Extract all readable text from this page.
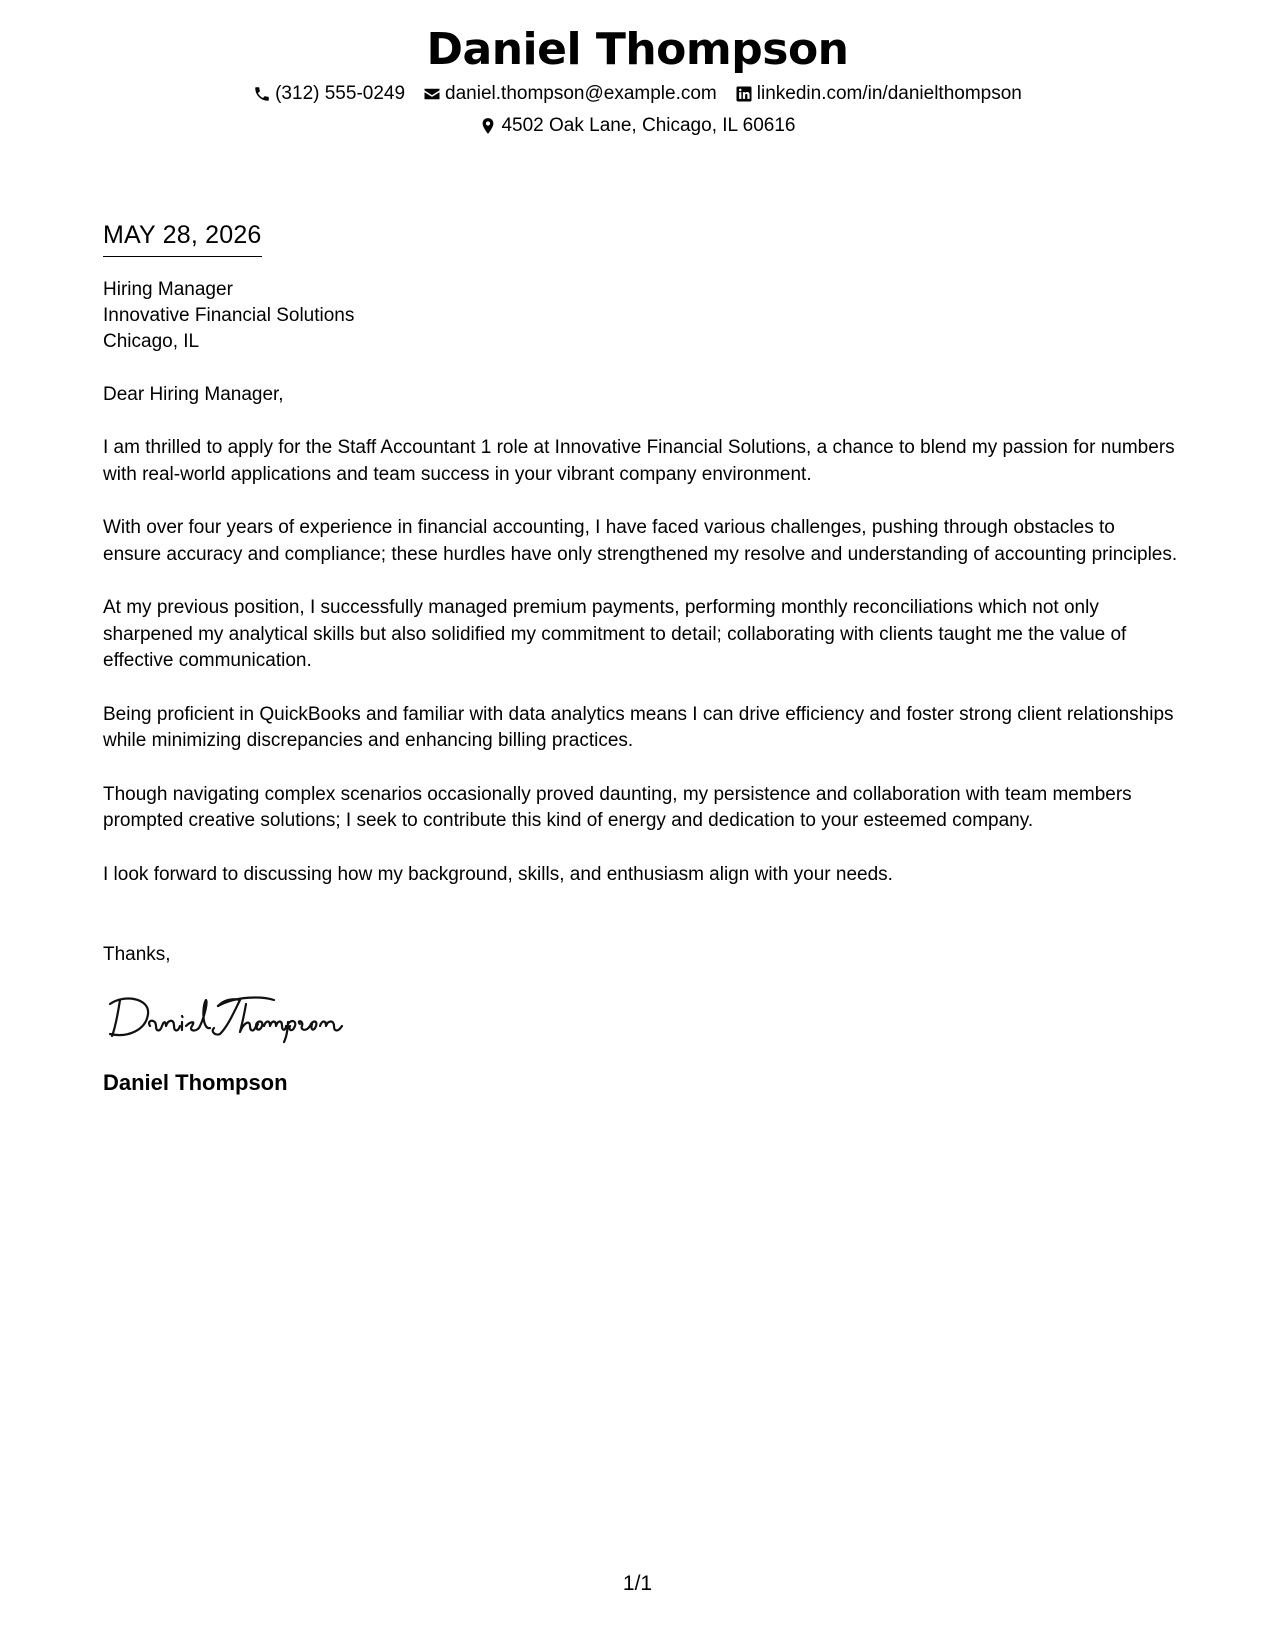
Daniel Thompson
(312) 555-0249 daniel.thompson@example.com linkedin.com/in/danielthompson
4502 Oak Lane, Chicago, IL 60616
MAY 28, 2026
Hiring Manager
Innovative Financial Solutions
Chicago, IL
Dear Hiring Manager,

I am thrilled to apply for the Staff Accountant 1 role at Innovative Financial Solutions, a chance to blend my passion for numbers with real-world applications and team success in your vibrant company environment.

With over four years of experience in financial accounting, I have faced various challenges, pushing through obstacles to ensure accuracy and compliance; these hurdles have only strengthened my resolve and understanding of accounting principles.

At my previous position, I successfully managed premium payments, performing monthly reconciliations which not only sharpened my analytical skills but also solidified my commitment to detail; collaborating with clients taught me the value of effective communication.

Being proficient in QuickBooks and familiar with data analytics means I can drive efficiency and foster strong client relationships while minimizing discrepancies and enhancing billing practices.

Though navigating complex scenarios occasionally proved daunting, my persistence and collaboration with team members prompted creative solutions; I seek to contribute this kind of energy and dedication to your esteemed company.

I look forward to discussing how my background, skills, and enthusiasm align with your needs.

Thanks,
Daniel Thompson
1/1
